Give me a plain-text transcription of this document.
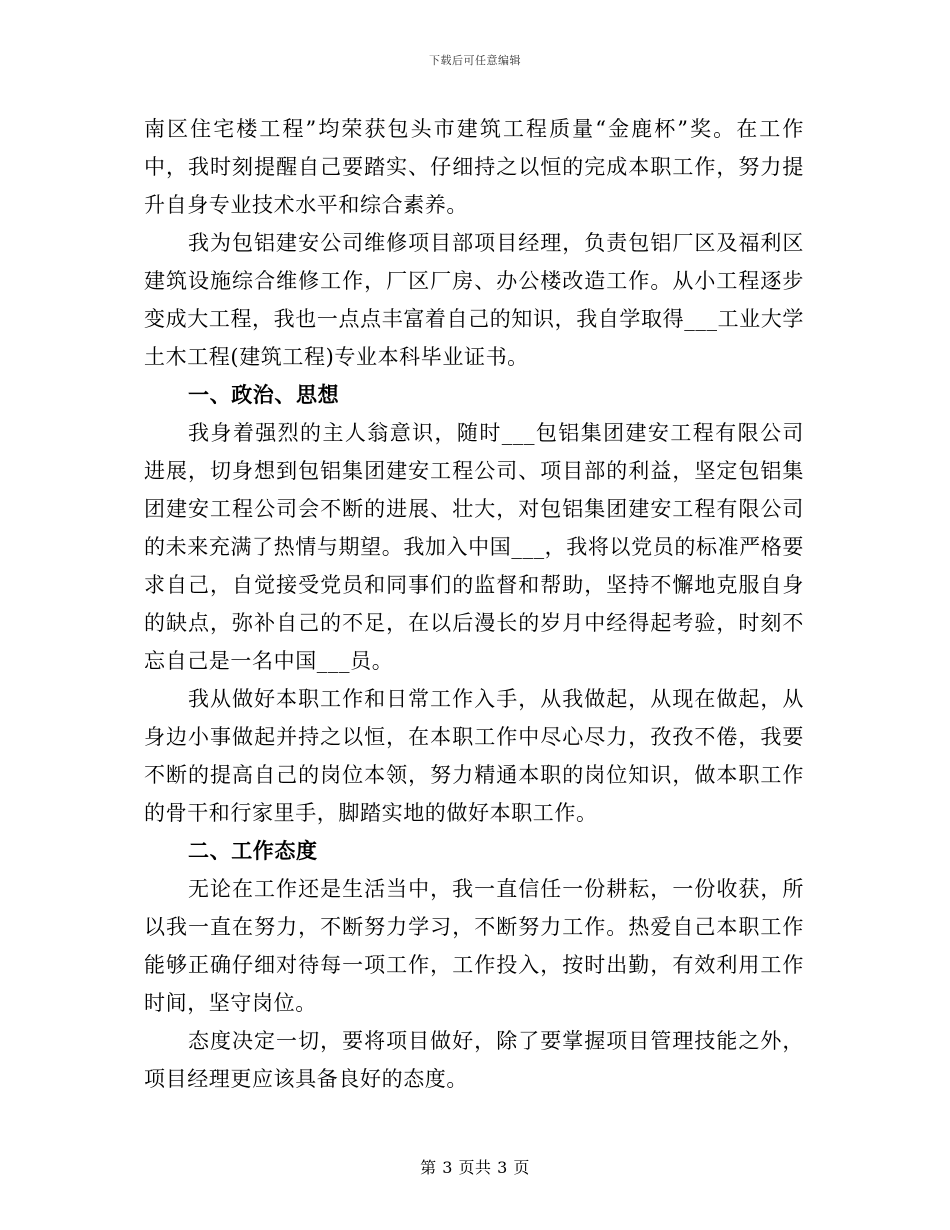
下载后可任意编辑

南区住宅楼工程”均荣获包头市建筑工程质量“金鹿杯”奖。在工作中，我时刻提醒自己要踏实、仔细持之以恒的完成本职工作，努力提升自身专业技术水平和综合素养。

我为包铝建安公司维修项目部项目经理，负责包铝厂区及福利区建筑设施综合维修工作，厂区厂房、办公楼改造工作。从小工程逐步变成大工程，我也一点点丰富着自己的知识，我自学取得___工业大学土木工程(建筑工程)专业本科毕业证书。

一、政治、思想

我身着强烈的主人翁意识，随时___包铝集团建安工程有限公司进展，切身想到包铝集团建安工程公司、项目部的利益，坚定包铝集团建安工程公司会不断的进展、壮大，对包铝集团建安工程有限公司的未来充满了热情与期望。我加入中国___，我将以党员的标准严格要求自己，自觉接受党员和同事们的监督和帮助，坚持不懈地克服自身的缺点，弥补自己的不足，在以后漫长的岁月中经得起考验，时刻不忘自己是一名中国___员。

我从做好本职工作和日常工作入手，从我做起，从现在做起，从身边小事做起并持之以恒，在本职工作中尽心尽力，孜孜不倦，我要不断的提高自己的岗位本领，努力精通本职的岗位知识，做本职工作的骨干和行家里手，脚踏实地的做好本职工作。

二、工作态度

无论在工作还是生活当中，我一直信任一份耕耘，一份收获，所以我一直在努力，不断努力学习，不断努力工作。热爱自己本职工作能够正确仔细对待每一项工作，工作投入，按时出勤，有效利用工作时间，坚守岗位。

态度决定一切，要将项目做好，除了要掌握项目管理技能之外，项目经理更应该具备良好的态度。

第 3 页共 3 页
